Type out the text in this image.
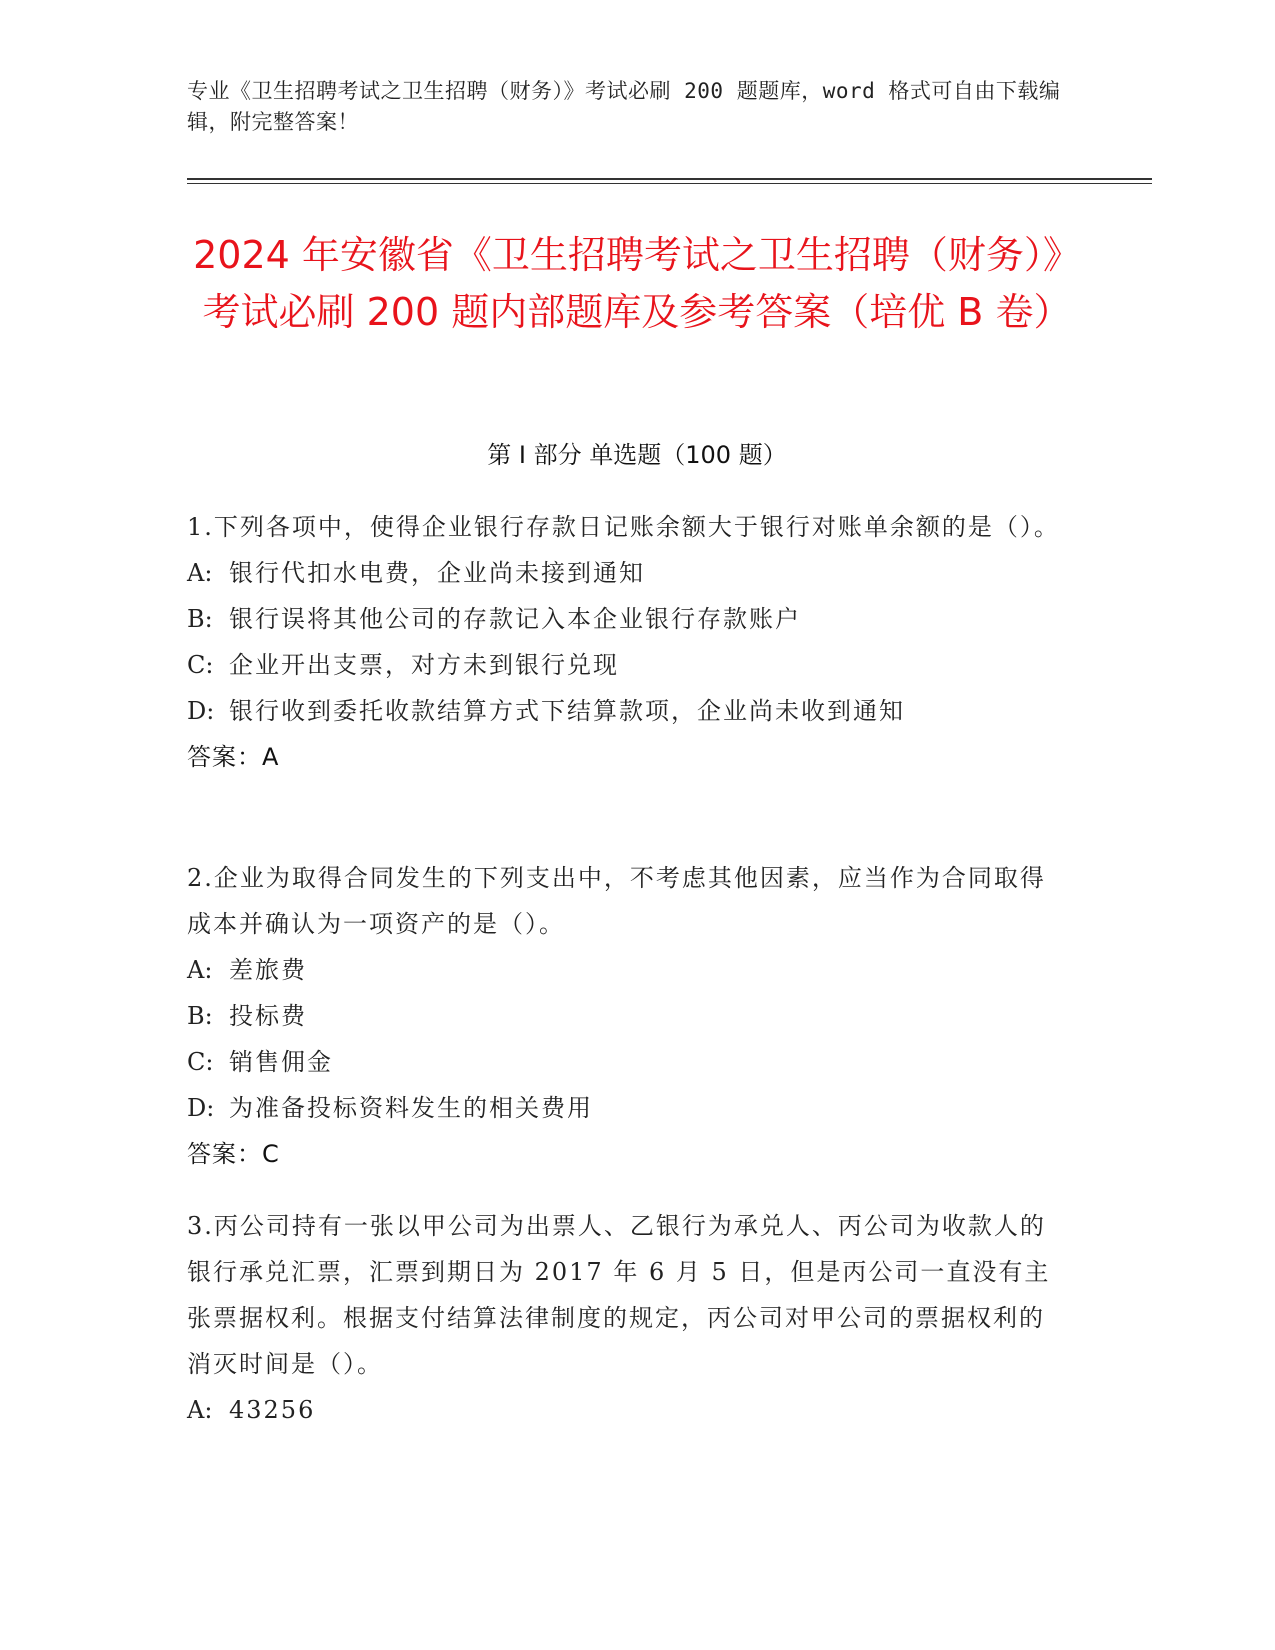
专业《卫生招聘考试之卫生招聘（财务）》考试必刷 200 题题库，word 格式可自由下载编辑，附完整答案！
2024 年安徽省《卫生招聘考试之卫生招聘（财务）》考试必刷 200 题内部题库及参考答案（培优 B 卷）
第 I 部分 单选题（100 题）

1.下列各项中，使得企业银行存款日记账余额大于银行对账单余额的是（）。

A: 银行代扣水电费，企业尚未接到通知

B: 银行误将其他公司的存款记入本企业银行存款账户

C: 企业开出支票，对方未到银行兑现

D: 银行收到委托收款结算方式下结算款项，企业尚未收到通知

答案：A

2.企业为取得合同发生的下列支出中，不考虑其他因素，应当作为合同取得成本并确认为一项资产的是（）。

A: 差旅费

B: 投标费

C: 销售佣金

D: 为准备投标资料发生的相关费用

答案：C

3.丙公司持有一张以甲公司为出票人、乙银行为承兑人、丙公司为收款人的银行承兑汇票，汇票到期日为 2017 年 6 月 5 日，但是丙公司一直没有主张票据权利。根据支付结算法律制度的规定，丙公司对甲公司的票据权利的消灭时间是（）。

A: 43256
